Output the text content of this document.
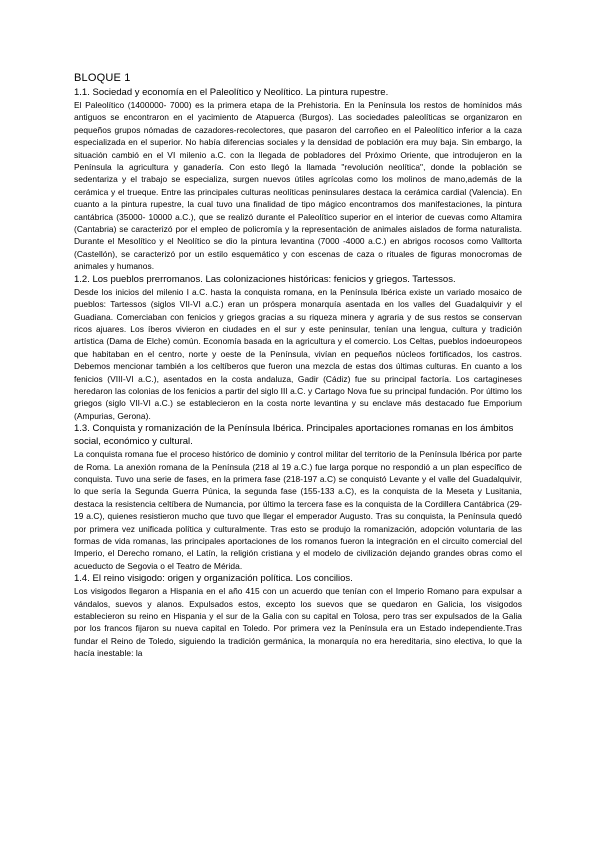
BLOQUE 1
1.1. Sociedad y economía en el Paleolítico y Neolítico. La pintura rupestre.

El Paleolítico (1400000- 7000) es la primera etapa de la Prehistoria. En la Península los restos de homínidos más antiguos se encontraron en el yacimiento de Atapuerca (Burgos). Las sociedades paleolíticas se organizaron en pequeños grupos nómadas de cazadores-recolectores, que pasaron del carroñeo en el Paleolítico inferior a la caza especializada en el superior. No había diferencias sociales y la densidad de población era muy baja. Sin embargo, la situación cambió en el VI milenio a.C. con la llegada de pobladores del Próximo Oriente, que introdujeron en la Península la agricultura y ganadería. Con esto llegó la llamada "revolución neolítica", donde la población se sedentariza y el trabajo se especializa, surgen nuevos útiles agrícolas como los molinos de mano,además de la cerámica y el trueque. Entre las principales culturas neolíticas peninsulares destaca la cerámica cardial (Valencia). En cuanto a la pintura rupestre, la cual tuvo una finalidad de tipo mágico encontramos dos manifestaciones, la pintura cantábrica (35000- 10000 a.C.), que se realizó durante el Paleolítico superior en el interior de cuevas como Altamira (Cantabria) se caracterizó por el empleo de policromía y la representación de animales aislados de forma naturalista. Durante el Mesolítico y el Neolítico se dio la pintura levantina (7000 -4000 a.C.) en abrigos rocosos como Valltorta (Castellón), se caracterizó por un estilo esquemático y con escenas de caza o rituales de figuras monocromas de animales y humanos.

1.2. Los pueblos prerromanos. Las colonizaciones históricas: fenicios y griegos. Tartessos.

Desde los inicios del milenio I a.C. hasta la conquista romana, en la Península Ibérica existe un variado mosaico de pueblos: Tartessos (siglos VII-VI a.C.) eran un próspera monarquía asentada en los valles del Guadalquivir y el Guadiana. Comerciaban con fenicios y griegos gracias a su riqueza minera y agraria y de sus restos se conservan ricos ajuares. Los íberos vivieron en ciudades en el sur y este peninsular, tenían una lengua, cultura y tradición artística (Dama de Elche) común. Economía basada en la agricultura y el comercio. Los Celtas, pueblos indoeuropeos que habitaban en el centro, norte y oeste de la Península, vivían en pequeños núcleos fortificados, los castros. Debemos mencionar también a los celtíberos que fueron una mezcla de estas dos últimas culturas. En cuanto a los fenicios (VIII-VI a.C.), asentados en la costa andaluza, Gadir (Cádiz) fue su principal factoría. Los cartagineses heredaron las colonias de los fenicios a partir del siglo III a.C. y Cartago Nova fue su principal fundación. Por último los griegos (siglo VII-VI a.C.) se establecieron en la costa norte levantina y su enclave más destacado fue Emporium (Ampurias, Gerona).

1.3. Conquista y romanización de la Península Ibérica. Principales aportaciones romanas en los ámbitos social, económico y cultural.

La conquista romana fue el proceso histórico de dominio y control militar del territorio de la Península Ibérica por parte de Roma. La anexión romana de la Península (218 al 19 a.C.) fue larga porque no respondió a un plan específico de conquista. Tuvo una serie de fases, en la primera fase (218-197 a.C) se conquistó Levante y el valle del Guadalquivir, lo que sería la Segunda Guerra Púnica, la segunda fase (155-133 a.C), es la conquista de la Meseta y Lusitania, destaca la resistencia celtíbera de Numancia, por último la tercera fase es la conquista de la Cordillera Cantábrica (29-19 a.C), quienes resistieron mucho que tuvo que llegar el emperador Augusto. Tras su conquista, la Península quedó por primera vez unificada política y culturalmente. Tras esto se produjo la romanización, adopción voluntaria de las formas de vida romanas, las principales aportaciones de los romanos fueron la integración en el circuito comercial del Imperio, el Derecho romano, el Latín, la religión cristiana y el modelo de civilización dejando grandes obras como el acueducto de Segovia o el Teatro de Mérida.

1.4. El reino visigodo: origen y organización política. Los concilios.

Los visigodos llegaron a Hispania en el año 415 con un acuerdo que tenían con el Imperio Romano para expulsar a vándalos, suevos y alanos. Expulsados estos, excepto los suevos que se quedaron en Galicia, los visigodos establecieron su reino en Hispania y el sur de la Galia con su capital en Tolosa, pero tras ser expulsados de la Galia por los francos fijaron su nueva capital en Toledo. Por primera vez la Península era un Estado independiente.Tras fundar el Reino de Toledo, siguiendo la tradición germánica, la monarquía no era hereditaria, sino electiva, lo que la hacía inestable: la
